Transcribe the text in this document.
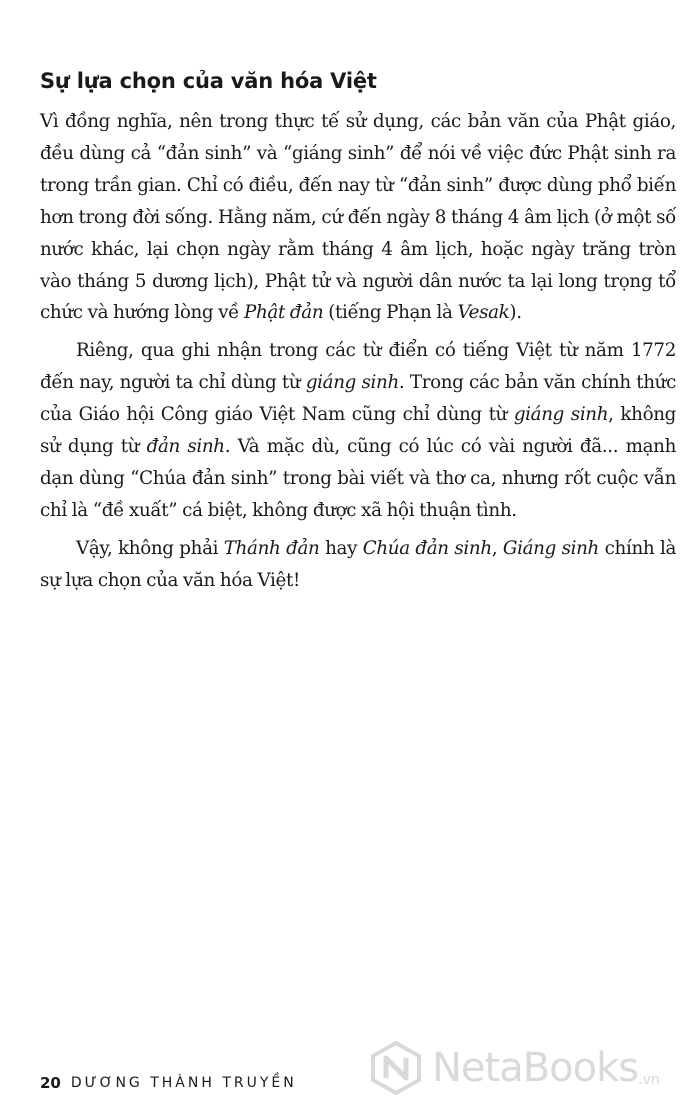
Sự lựa chọn của văn hóa Việt

Vì đồng nghĩa, nên trong thực tế sử dụng, các bản văn của Phật giáo, đều dùng cả “đản sinh” và “giáng sinh” để nói về việc đức Phật sinh ra trong trần gian. Chỉ có điều, đến nay từ “đản sinh” được dùng phổ biến hơn trong đời sống. Hằng năm, cứ đến ngày 8 tháng 4 âm lịch (ở một số nước khác, lại chọn ngày rằm tháng 4 âm lịch, hoặc ngày trăng tròn vào tháng 5 dương lịch), Phật tử và người dân nước ta lại long trọng tổ chức và hướng lòng về Phật đản (tiếng Phạn là Vesak).

Riêng, qua ghi nhận trong các từ điển có tiếng Việt từ năm 1772 đến nay, người ta chỉ dùng từ giáng sinh. Trong các bản văn chính thức của Giáo hội Công giáo Việt Nam cũng chỉ dùng từ giáng sinh, không sử dụng từ đản sinh. Và mặc dù, cũng có lúc có vài người đã... mạnh dạn dùng “Chúa đản sinh” trong bài viết và thơ ca, nhưng rốt cuộc vẫn chỉ là “đề xuất” cá biệt, không được xã hội thuận tình.

Vậy, không phải Thánh đản hay Chúa đản sinh, Giáng sinh chính là sự lựa chọn của văn hóa Việt!

20 DƯƠNG THÀNH TRUYỀN	NetaBooks .vn
